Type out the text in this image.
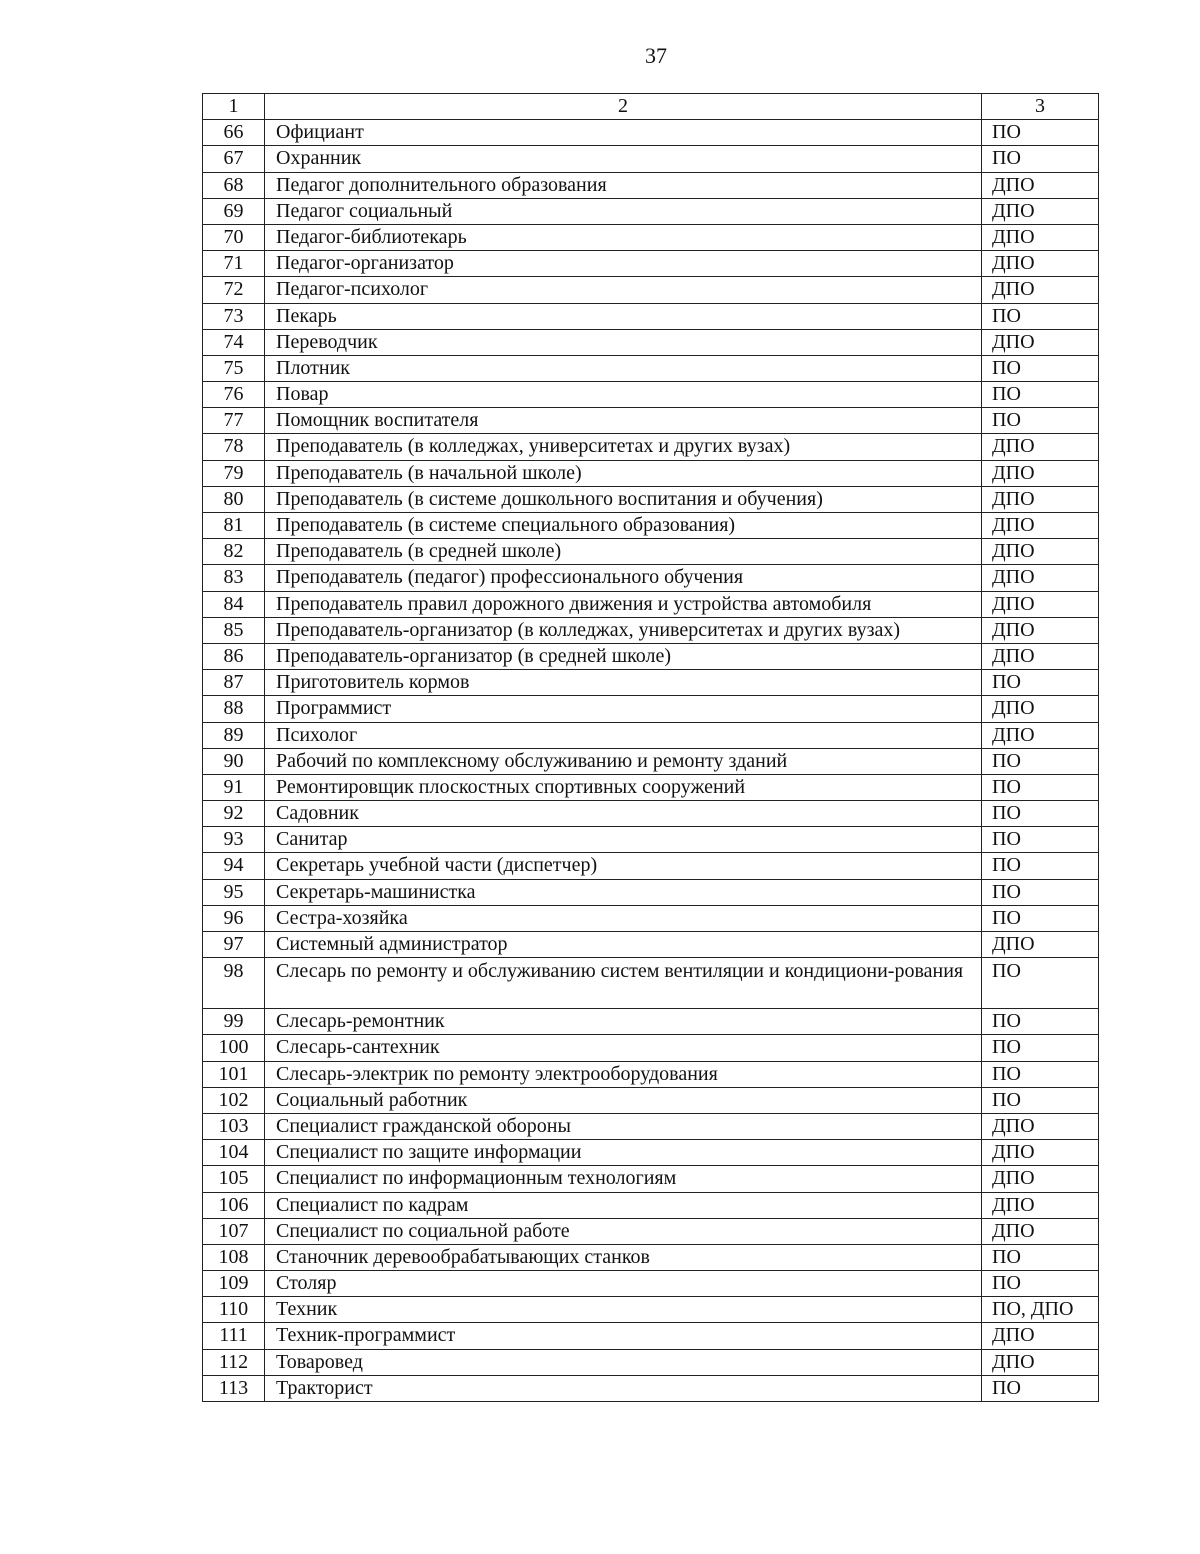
37
1	2	3
66	Официант	ПО
67	Охранник	ПО
68	Педагог дополнительного образования	ДПО
69	Педагог социальный	ДПО
70	Педагог-библиотекарь	ДПО
71	Педагог-организатор	ДПО
72	Педагог-психолог	ДПО
73	Пекарь	ПО
74	Переводчик	ДПО
75	Плотник	ПО
76	Повар	ПО
77	Помощник воспитателя	ПО
78	Преподаватель (в колледжах, университетах и других вузах)	ДПО
79	Преподаватель (в начальной школе)	ДПО
80	Преподаватель (в системе дошкольного воспитания и обучения)	ДПО
81	Преподаватель (в системе специального образования)	ДПО
82	Преподаватель (в средней школе)	ДПО
83	Преподаватель (педагог) профессионального обучения	ДПО
84	Преподаватель правил дорожного движения и устройства автомобиля	ДПО
85	Преподаватель-организатор (в колледжах, университетах и других вузах)	ДПО
86	Преподаватель-организатор (в средней школе)	ДПО
87	Приготовитель кормов	ПО
88	Программист	ДПО
89	Психолог	ДПО
90	Рабочий по комплексному обслуживанию и ремонту зданий	ПО
91	Ремонтировщик плоскостных спортивных сооружений	ПО
92	Садовник	ПО
93	Санитар	ПО
94	Секретарь учебной части (диспетчер)	ПО
95	Секретарь-машинистка	ПО
96	Сестра-хозяйка	ПО
97	Системный администратор	ДПО
98	Слесарь по ремонту и обслуживанию систем вентиляции и кондициони-рования	ПО
99	Слесарь-ремонтник	ПО
100	Слесарь-сантехник	ПО
101	Слесарь-электрик по ремонту электрооборудования	ПО
102	Социальный работник	ПО
103	Специалист гражданской обороны	ДПО
104	Специалист по защите информации	ДПО
105	Специалист по информационным технологиям	ДПО
106	Специалист по кадрам	ДПО
107	Специалист по социальной работе	ДПО
108	Станочник деревообрабатывающих станков	ПО
109	Столяр	ПО
110	Техник	ПО, ДПО
111	Техник-программист	ДПО
112	Товаровед	ДПО
113	Тракторист	ПО
